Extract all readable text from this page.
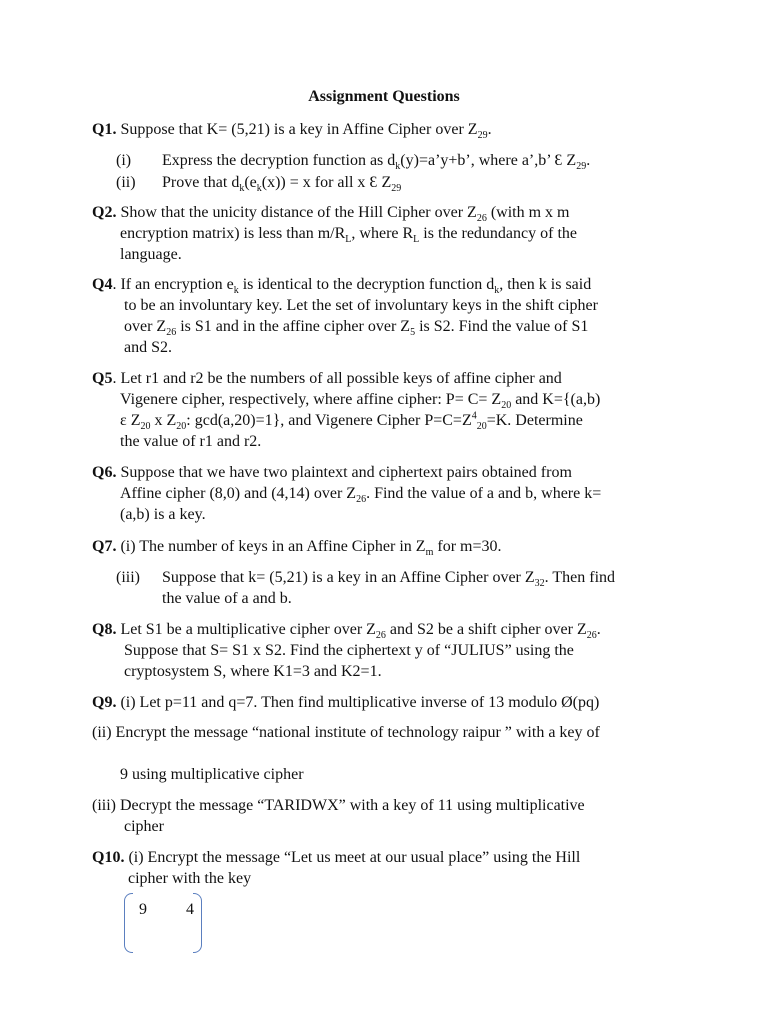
Assignment Questions
Q1. Suppose that K= (5,21) is a key in Affine Cipher over $Z_{29}$.
(i) Express the decryption function as $d_k(y)=a’y+b$’, where a’,b’ Ɛ $Z_{29}$.
(ii) Prove that $d_k(e_k(x)) = x$ for all x Ɛ $Z_{29}$
Q2. Show that the unicity distance of the Hill Cipher over $Z_{26}$ (with m x m
encryption matrix) is less than $m/R_L$, where $R_L$ is the redundancy of the
language.
Q4. If an encryption $e_k$ is identical to the decryption function $d_k$, then k is said
to be an involuntary key. Let the set of involuntary keys in the shift cipher
over $Z_{26}$ is S1 and in the affine cipher over $Z_5$ is S2. Find the value of S1
and S2.
Q5. Let r1 and r2 be the numbers of all possible keys of affine cipher and
Vigenere cipher, respectively, where affine cipher: $P= C= Z_{20}$ and K={(a,b)
ε $Z_{20}$ x $Z_{20}$: gcd(a,20)=1}, and Vigenere Cipher $P=C=Z^4_{20}=K$. Determine
the value of r1 and r2.
Q6. Suppose that we have two plaintext and ciphertext pairs obtained from
Affine cipher (8,0) and (4,14) over $Z_{26}$. Find the value of a and b, where k=
(a,b) is a key.
Q7. (i) The number of keys in an Affine Cipher in $Z_m$ for m=30.
(iii) Suppose that k= (5,21) is a key in an Affine Cipher over $Z_{32}$. Then find
the value of a and b.
Q8. Let S1 be a multiplicative cipher over $Z_{26}$ and S2 be a shift cipher over $Z_{26}$.
Suppose that S= S1 x S2. Find the ciphertext y of “JULIUS” using the
cryptosystem S, where K1=3 and K2=1.
Q9. (i) Let p=11 and q=7. Then find multiplicative inverse of 13 modulo Ø(pq)
(ii) Encrypt the message “national institute of technology raipur ” with a key of
9 using multiplicative cipher
(iii) Decrypt the message “TARIDWX” with a key of 11 using multiplicative
cipher
Q10. (i) Encrypt the message “Let us meet at our usual place” using the Hill
cipher with the key
9 4
